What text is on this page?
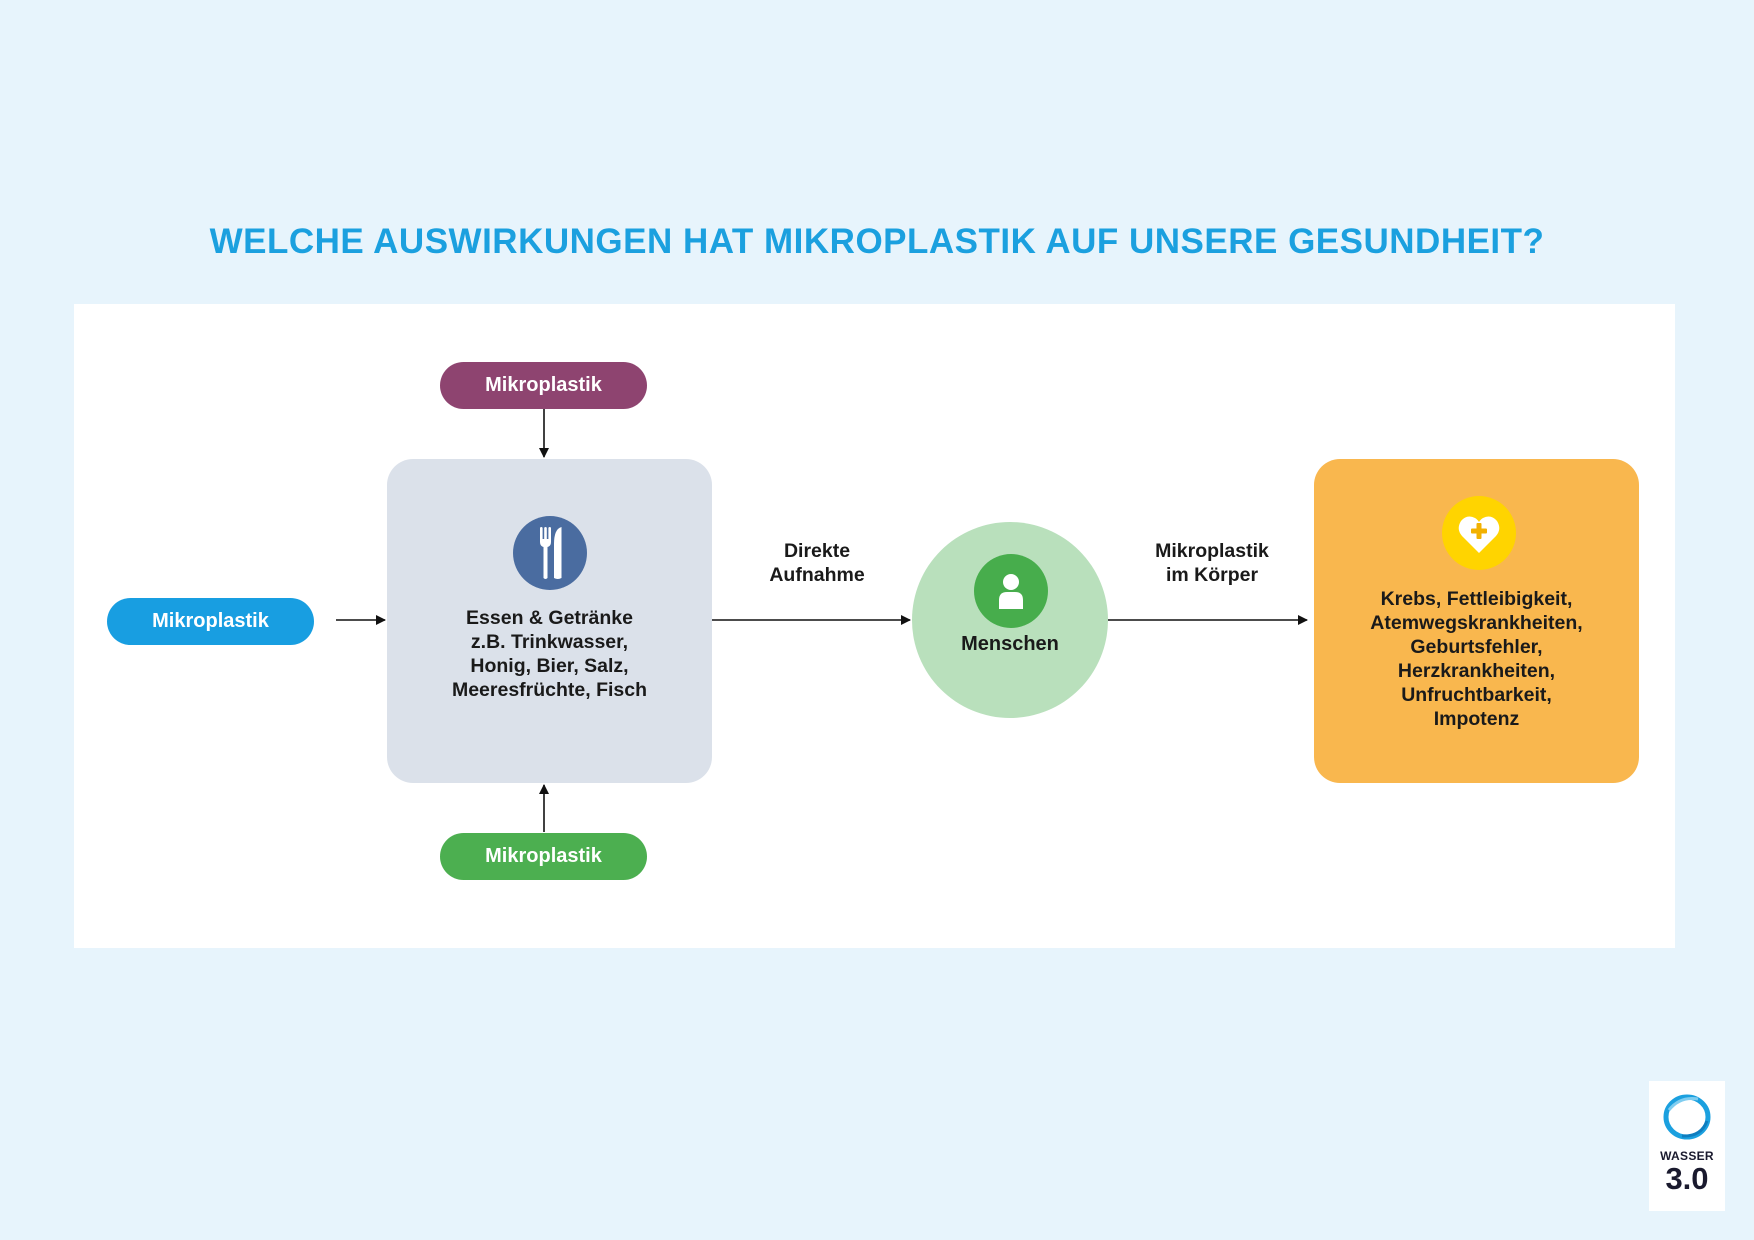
WELCHE AUSWIRKUNGEN HAT MIKROPLASTIK AUF UNSERE GESUNDHEIT?
Mikroplastik
Mikroplastik
Mikroplastik
Essen & Getränke
z.B. Trinkwasser,
Honig, Bier, Salz,
Meeresfrüchte, Fisch
Direkte
Aufnahme
Menschen
Mikroplastik
im Körper
Krebs, Fettleibigkeit,
Atemwegskrankheiten,
Geburtsfehler,
Herzkrankheiten,
Unfruchtbarkeit,
Impotenz
WASSER
3.0
